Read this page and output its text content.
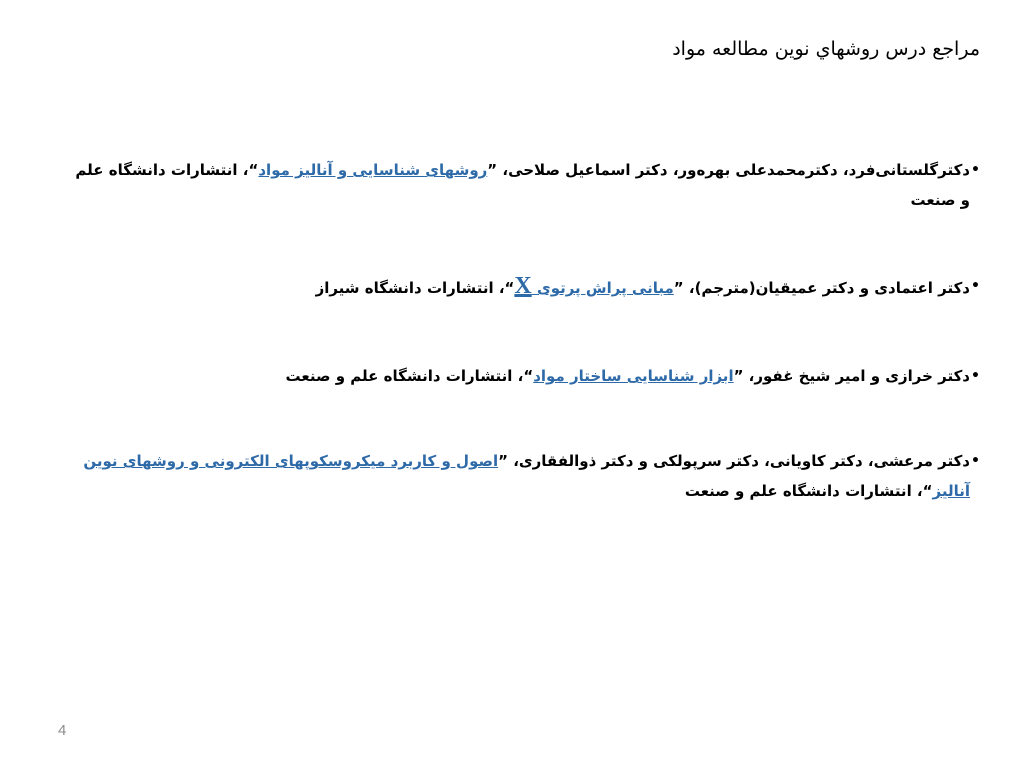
مراجع درس روشهاي نوين مطالعه مواد
•
دکترگلستانی‌فرد، دکترمحمدعلی بهره‌ور، دکتر اسماعیل صلاحی، ”روشهای شناسایی و آنالیز مواد“، انتشارات دانشگاه علم و صنعت
•
دکتر اعتمادی و دکتر عمیقیان(مترجم)، ”مبانی پراش پرتوی X“، انتشارات دانشگاه شیراز
•
دکتر خرازی و امیر شیخ غفور، ”ابزار شناسایی ساختار مواد“، انتشارات دانشگاه علم و صنعت
•
دکتر مرعشی، دکتر کاویانی، دکتر سرپولکی و دکتر ذوالفقاری، ”اصول و کاربرد میکروسکوپهای الکترونی و روشهای نوین آنالیز“، انتشارات دانشگاه علم و صنعت
4
